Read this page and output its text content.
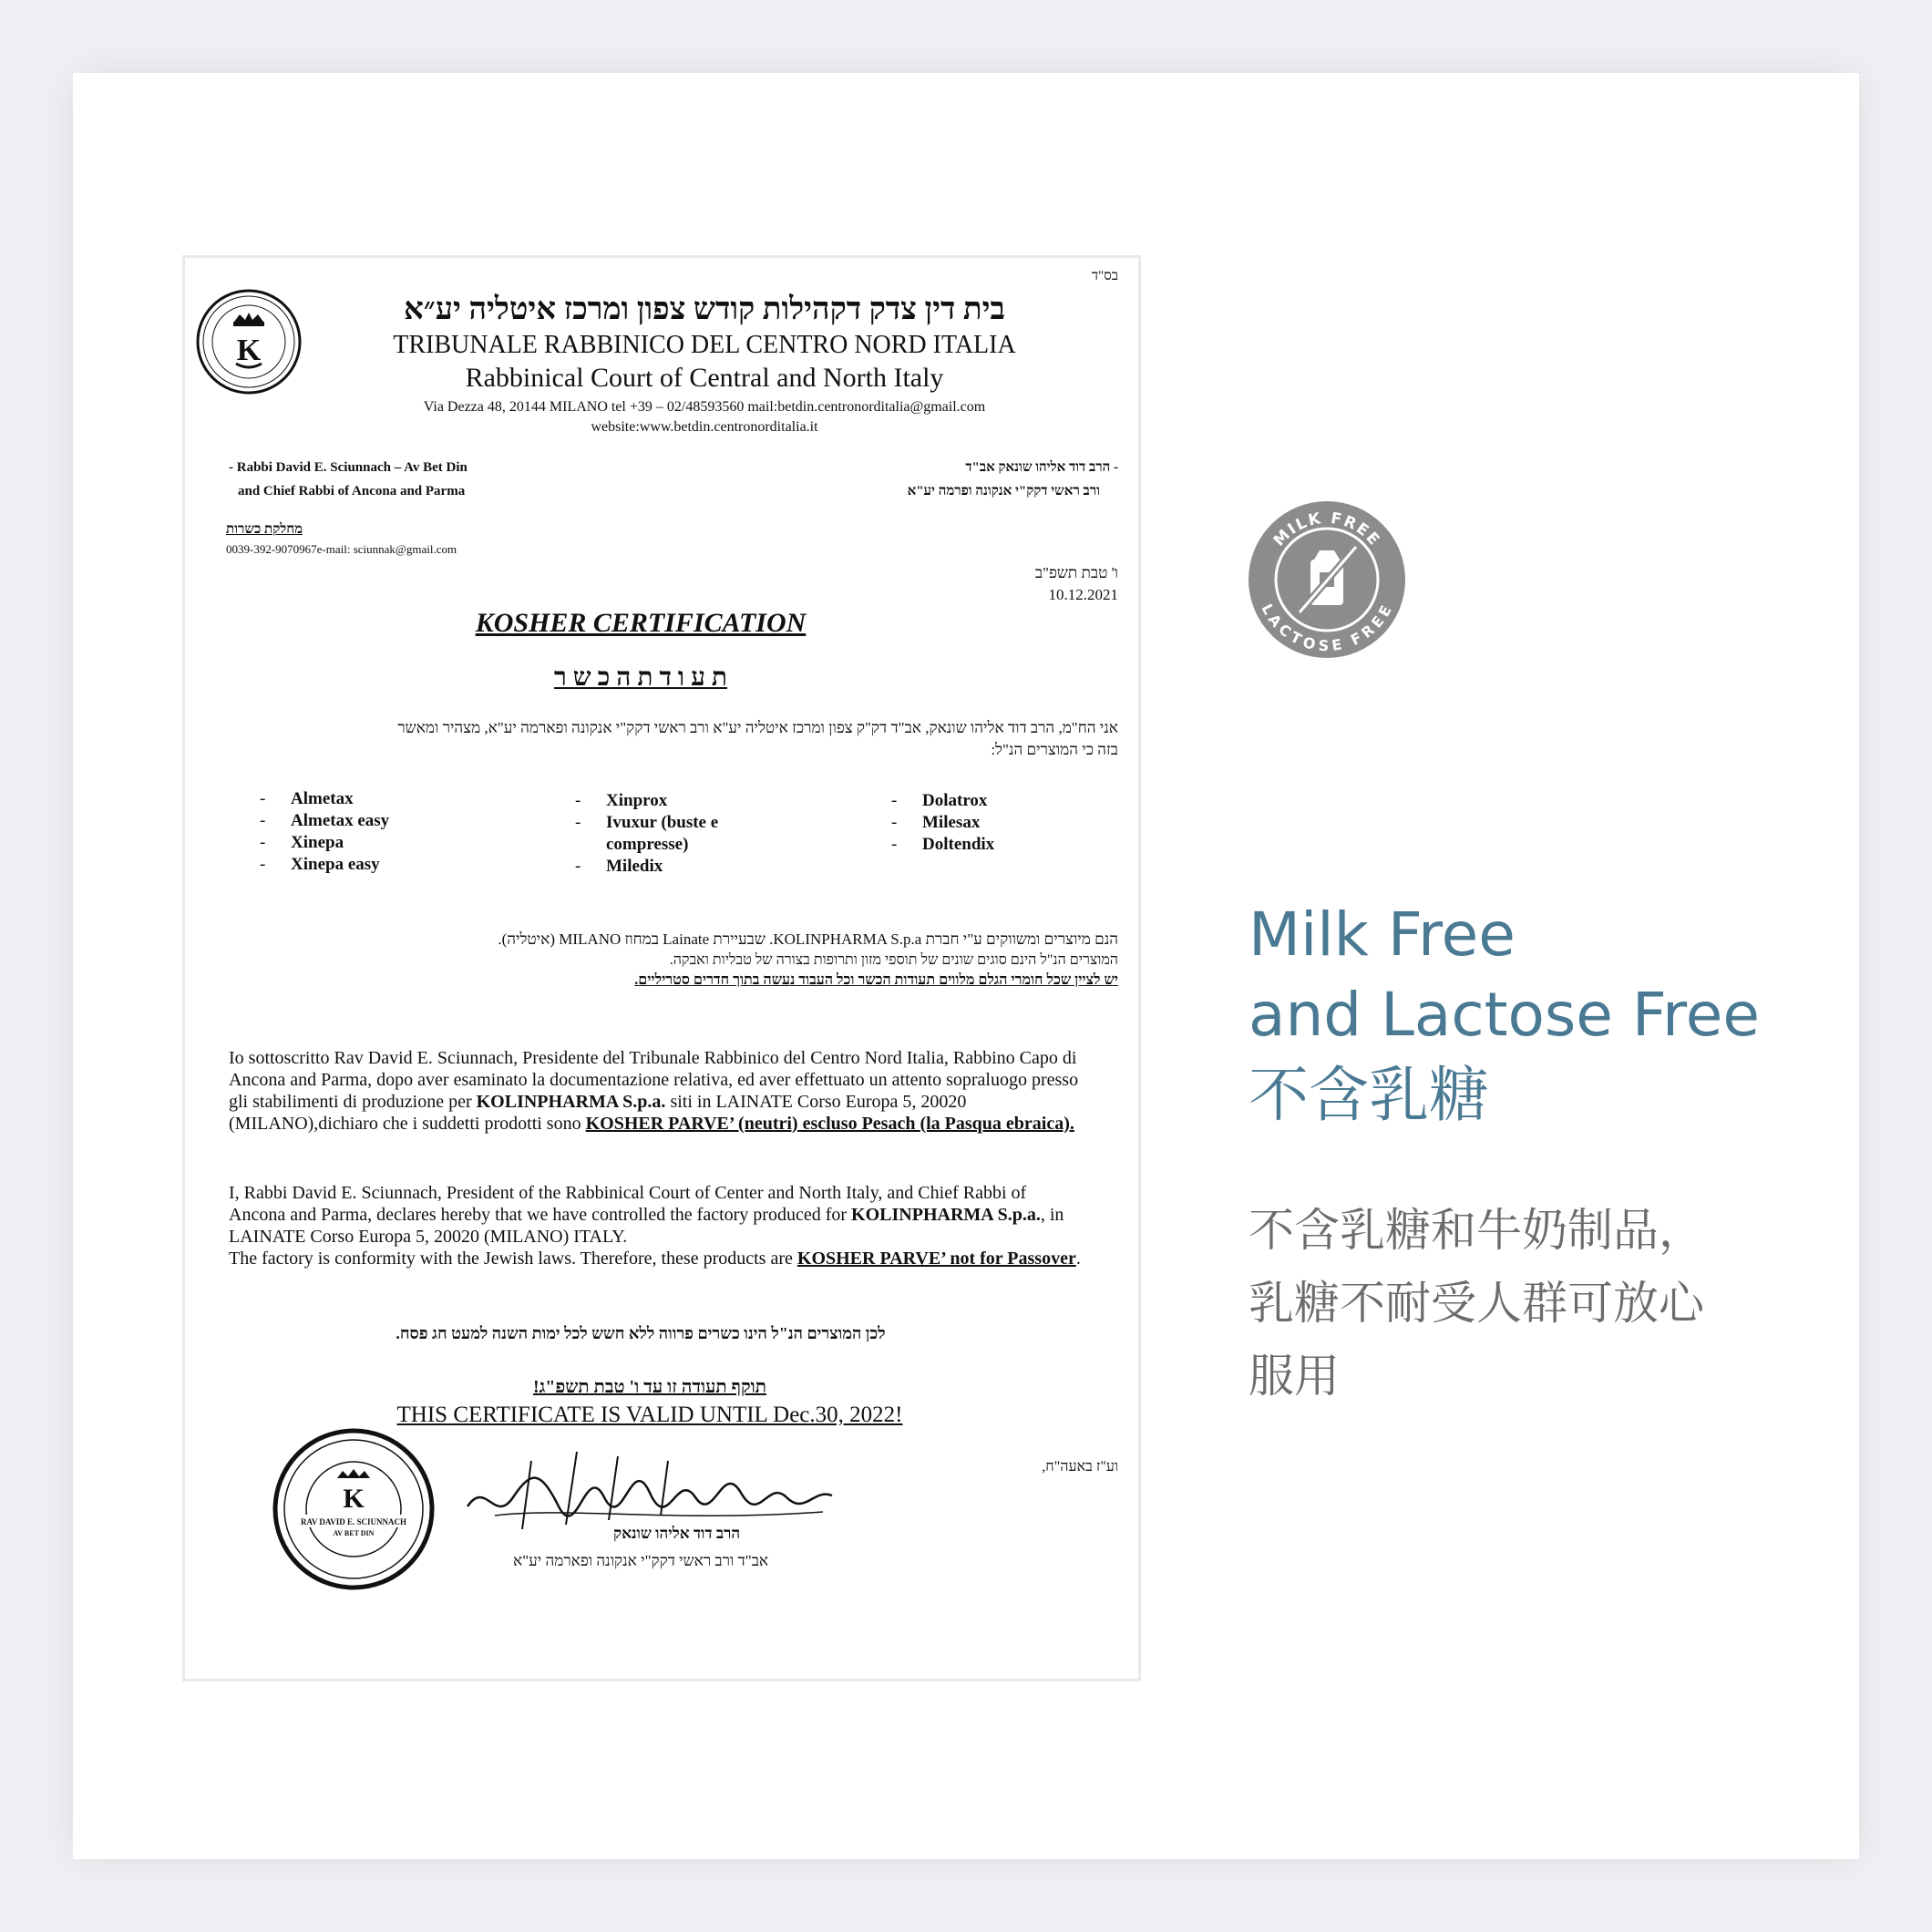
בס"ד
K
בית דין צדק דקהילות קודש צפון ומרכז איטליה יע״א
TRIBUNALE RABBINICO DEL CENTRO NORD ITALIA
Rabbinical Court of Central and North Italy
Via Dezza 48, 20144 MILANO tel +39 – 02/48593560 mail:betdin.centronorditalia@gmail.com
website:www.betdin.centronorditalia.it
- Rabbi David E. Sciunnach – Av Bet Din
and Chief Rabbi of Ancona and Parma
- הרב דוד אליהו שונאק אב"ד
ורב ראשי דקק"י אנקונה ופרמה יע"א
מחלקת כשרות
0039-392-9070967e-mail: sciunnak@gmail.com
ו' טבת תשפ"ב
10.12.2021
KOSHER CERTIFICATION
ת ע ו ד ת ה כ ש ר
אני הח"מ, הרב דוד אליהו שונאק, אב"ד דק"ק צפון ומרכז איטליה יע"א ורב ראשי דקק"י אנקונה ופארמה יע"א, מצהיר ומאשר
בזה כי המוצרים הנ"ל:
- Almetax
- Almetax easy
- Xinepa
- Xinepa easy
- Xinprox
- Ivuxur (buste e
compresse)
- Miledix
- Dolatrox
- Milesax
- Doltendix
הנם מיוצרים ומשווקים ע"י חברת KOLINPHARMA S.p.a. שבעיירת Lainate במחוז MILANO (איטליה).
המוצרים הנ"ל הינם סוגים שונים של תוספי מזון ותרופות בצורה של טבליות ואבקה.
יש לציין שכל חומרי הגלם מלווים תעודות הכשר וכל העבוד נעשה בתוך חדרים סטריליים.
Io sottoscritto Rav David E. Sciunnach, Presidente del Tribunale Rabbinico del Centro Nord Italia, Rabbino Capo di
Ancona and Parma, dopo aver esaminato la documentazione relativa, ed aver effettuato un attento sopraluogo presso
gli stabilimenti di produzione per KOLINPHARMA S.p.a. siti in LAINATE Corso Europa 5, 20020
(MILANO),dichiaro che i suddetti prodotti sono KOSHER PARVE’ (neutri) escluso Pesach (la Pasqua ebraica).
I, Rabbi David E. Sciunnach, President of the Rabbinical Court of Center and North Italy, and Chief Rabbi of
Ancona and Parma, declares hereby that we have controlled the factory produced for KOLINPHARMA S.p.a., in
LAINATE Corso Europa 5, 20020 (MILANO) ITALY.
The factory is conformity with the Jewish laws. Therefore, these products are KOSHER PARVE’ not for Passover.
לכן המוצרים הנ"ל הינו כשרים פרווה ללא חשש לכל ימות השנה למעט חג פסח.
תוקף תעודה זו עד ו' טבת תשפ"ג!
THIS CERTIFICATE IS VALID UNTIL Dec.30, 2022!
וע"ז באעה"ח,
K
RAV DAVID E. SCIUNNACH
AV BET DIN	הרב דוד אליהו שונאק
אב"ד ורב ראשי דקק"י אנקונה ופארמה יע"א
MILK FREE
LACTOSE FREE
Milk Free
and Lactose Free
不含乳糖
不含乳糖和牛奶制品，
乳糖不耐受人群可放心
服用
